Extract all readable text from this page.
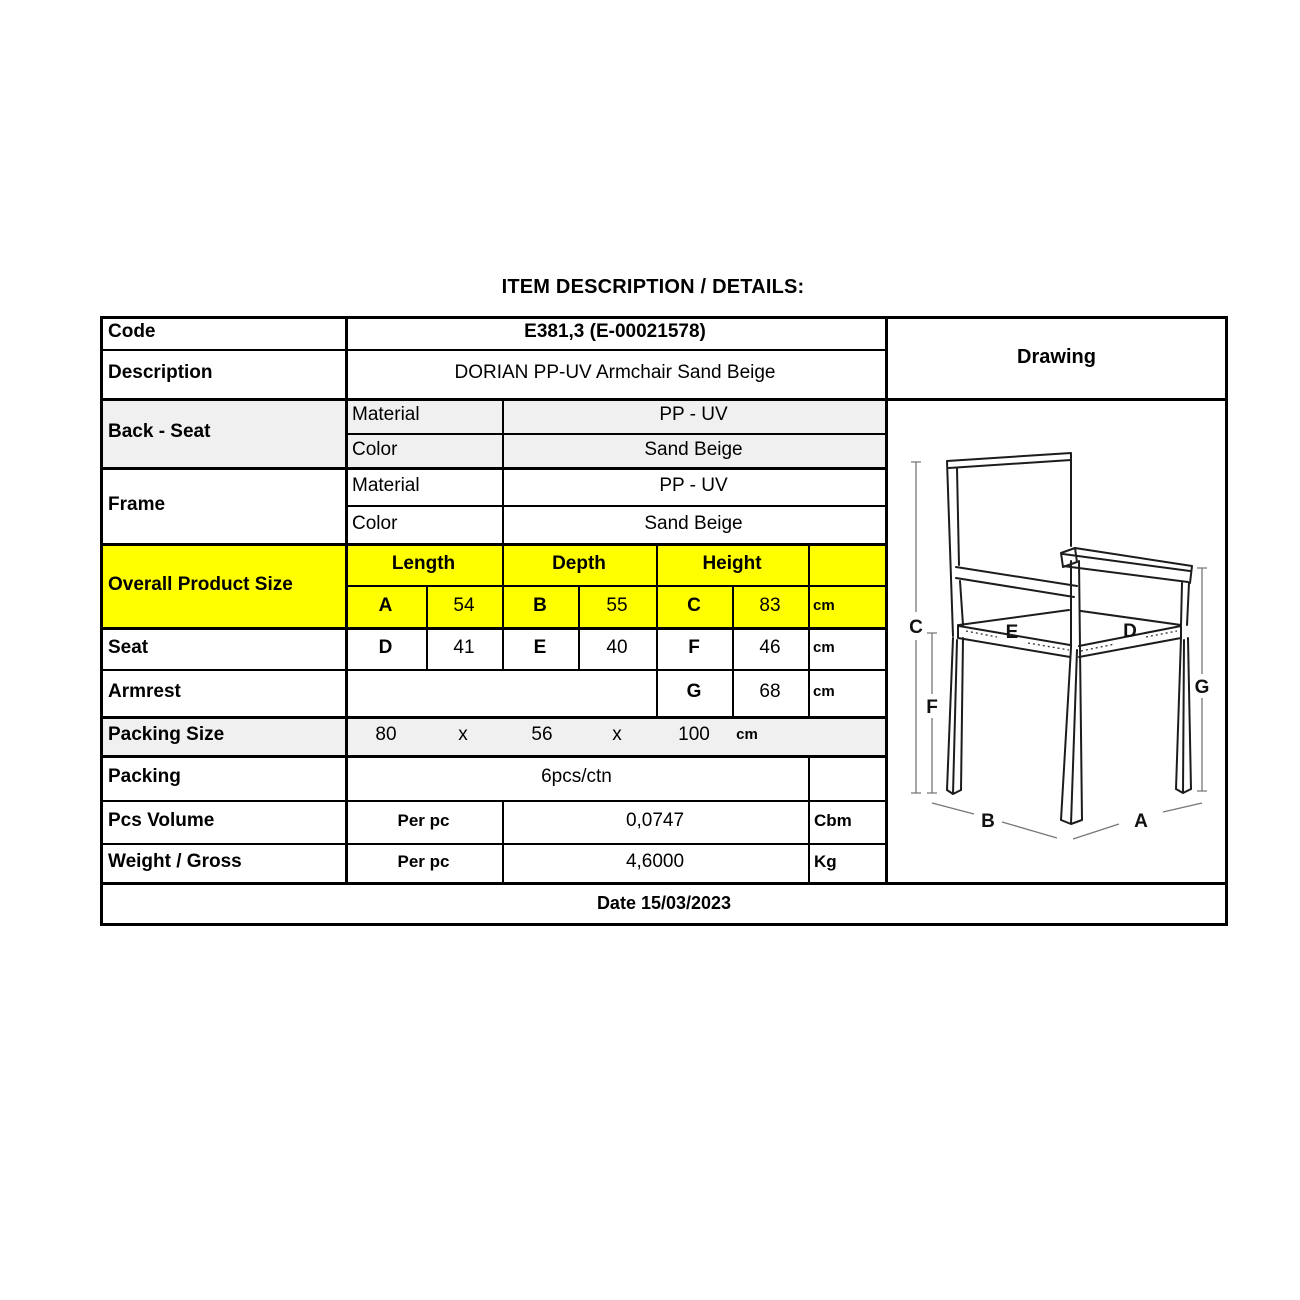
ITEM DESCRIPTION / DETAILS:
Code	E381,3 (E-00021578)
Description	DORIAN PP-UV Armchair Sand Beige
Drawing
Back - Seat
Material	PP - UV
Color	Sand Beige
Frame
Material	PP - UV
Color	Sand Beige
Overall Product Size
Length	Depth	Height
A	54	B	55	C	83	cm
Seat	D	41	E	40	F	46	cm
Armrest	G	68	cm
Packing Size	80	x	56	x	100 cm
Packing	6pcs/ctn
Pcs Volume	Per pc	0,0747	Cbm
Weight / Gross	Per pc	4,6000	Kg
Date 15/03/2023
C
F
G
B	A
E	D
